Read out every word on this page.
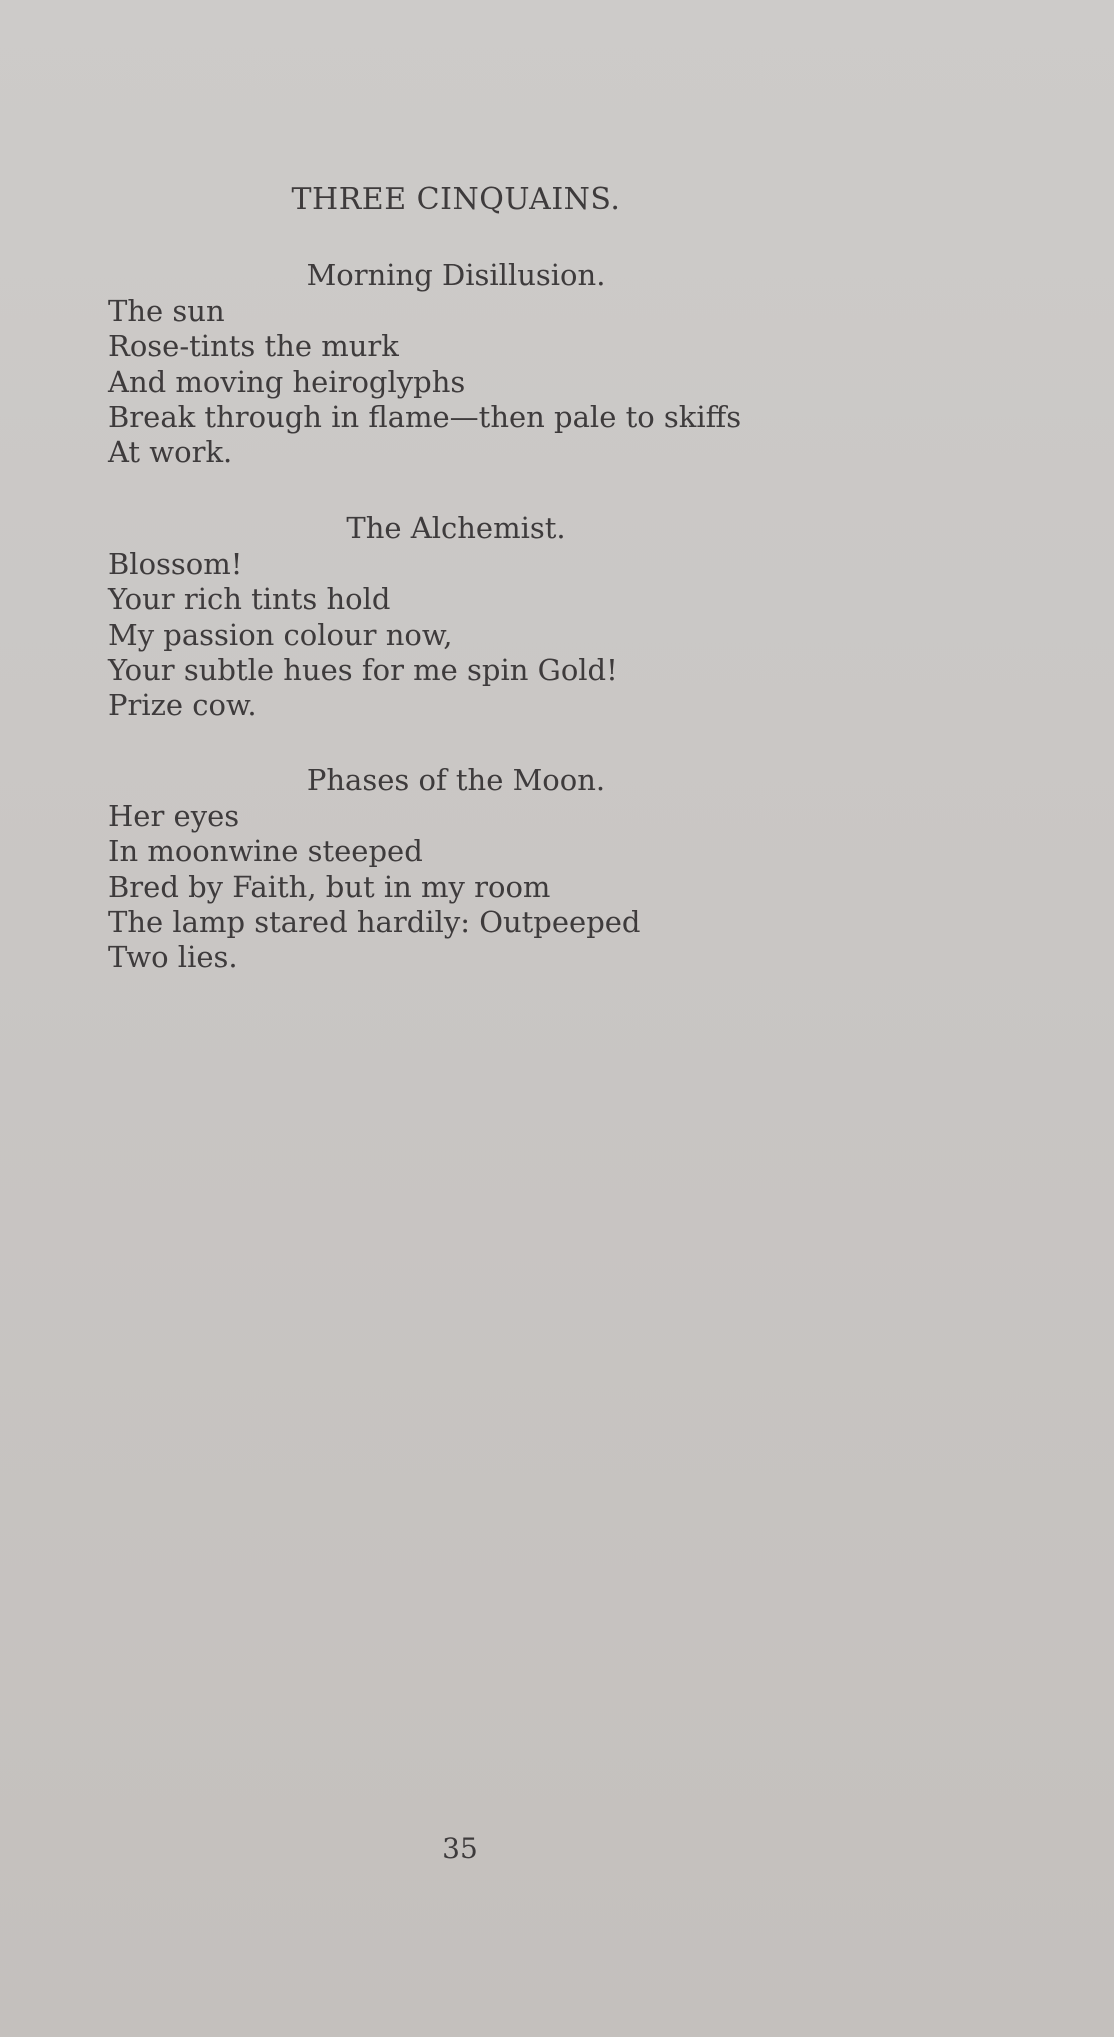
THREE CINQUAINS.
Morning Disillusion.
The sun
Rose-tints the murk
And moving heiroglyphs
Break through in flame—then pale to skiffs
At work.
The Alchemist.
Blossom!
Your rich tints hold
My passion colour now,
Your subtle hues for me spin Gold!
Prize cow.
Phases of the Moon.
Her eyes
In moonwine steeped
Bred by Faith, but in my room
The lamp stared hardily: Outpeeped
Two lies.

35
